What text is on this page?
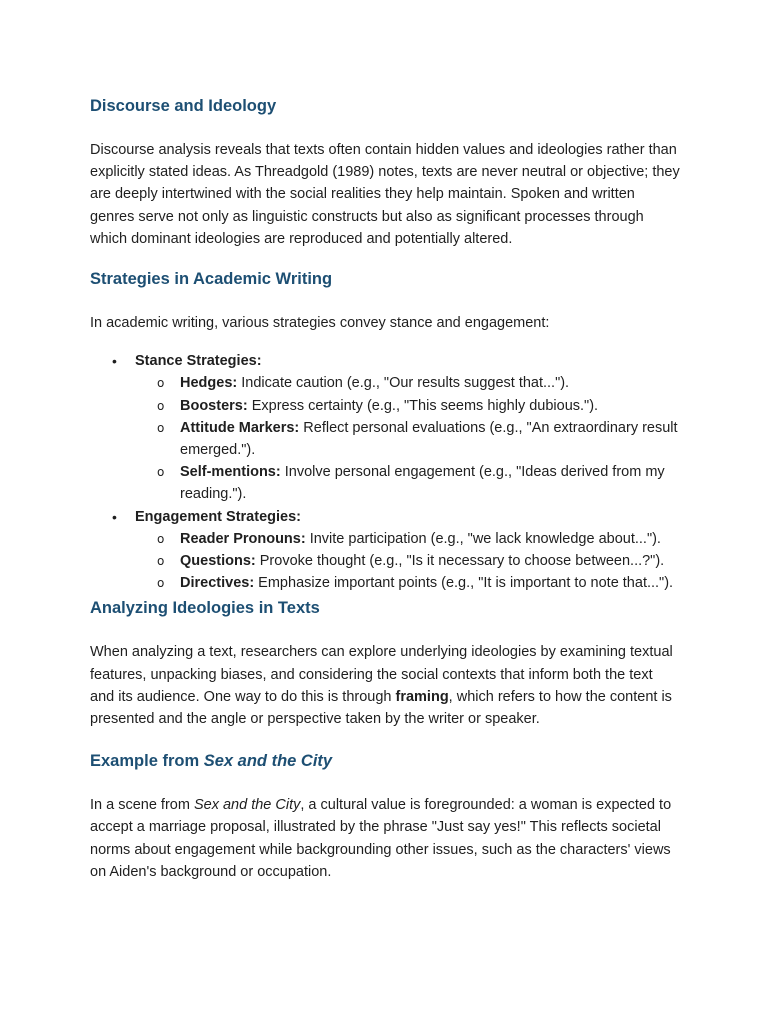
Discourse and Ideology

Discourse analysis reveals that texts often contain hidden values and ideologies rather than explicitly stated ideas. As Threadgold (1989) notes, texts are never neutral or objective; they are deeply intertwined with the social realities they help maintain. Spoken and written genres serve not only as linguistic constructs but also as significant processes through which dominant ideologies are reproduced and potentially altered.

Strategies in Academic Writing

In academic writing, various strategies convey stance and engagement:

• Stance Strategies:
o Hedges: Indicate caution (e.g., "Our results suggest that...").
o Boosters: Express certainty (e.g., "This seems highly dubious.").
o Attitude Markers: Reflect personal evaluations (e.g., "An extraordinary result emerged.").
o Self-mentions: Involve personal engagement (e.g., "Ideas derived from my reading.").
• Engagement Strategies:
o Reader Pronouns: Invite participation (e.g., "we lack knowledge about...").
o Questions: Provoke thought (e.g., "Is it necessary to choose between...?").
o Directives: Emphasize important points (e.g., "It is important to note that...").
Analyzing Ideologies in Texts

When analyzing a text, researchers can explore underlying ideologies by examining textual features, unpacking biases, and considering the social contexts that inform both the text and its audience. One way to do this is through framing, which refers to how the content is presented and the angle or perspective taken by the writer or speaker.

Example from Sex and the City

In a scene from Sex and the City, a cultural value is foregrounded: a woman is expected to accept a marriage proposal, illustrated by the phrase "Just say yes!" This reflects societal norms about engagement while backgrounding other issues, such as the characters' views on Aiden's background or occupation.
